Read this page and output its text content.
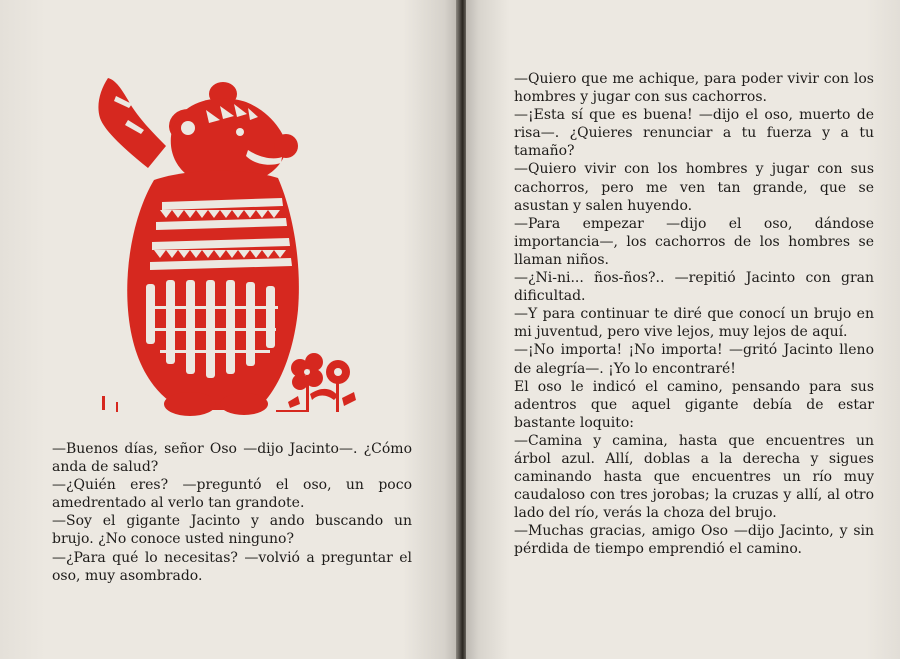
—Buenos días, señor Oso —dijo Jacinto—. ¿Cómo anda de salud?

—¿Quién eres? —preguntó el oso, un poco amedrentado al verlo tan grandote.

—Soy el gigante Jacinto y ando buscando un brujo. ¿No conoce usted ninguno?

—¿Para qué lo necesitas? —volvió a preguntar el oso, muy asombrado.

—Quiero que me achique, para poder vivir con los hombres y jugar con sus cachorros.

—¡Esta sí que es buena! —dijo el oso, muerto de risa—. ¿Quieres renunciar a tu fuerza y a tu tamaño?

—Quiero vivir con los hombres y jugar con sus cachorros, pero me ven tan grande, que se asustan y salen huyendo.

—Para empezar —dijo el oso, dándose importancia—, los cachorros de los hombres se llaman niños.

—¿Ni-ni... ños-ños?.. —repitió Jacinto con gran dificultad.

—Y para continuar te diré que conocí un brujo en mi juventud, pero vive lejos, muy lejos de aquí.

—¡No importa! ¡No importa! —gritó Jacinto lleno de alegría—. ¡Yo lo encontraré!

El oso le indicó el camino, pensando para sus adentros que aquel gigante debía de estar bastante loquito:

—Camina y camina, hasta que encuentres un árbol azul. Allí, doblas a la derecha y sigues caminando hasta que encuentres un río muy caudaloso con tres jorobas; la cruzas y allí, al otro lado del río, verás la choza del brujo.

—Muchas gracias, amigo Oso —dijo Jacinto, y sin pérdida de tiempo emprendió el camino.
